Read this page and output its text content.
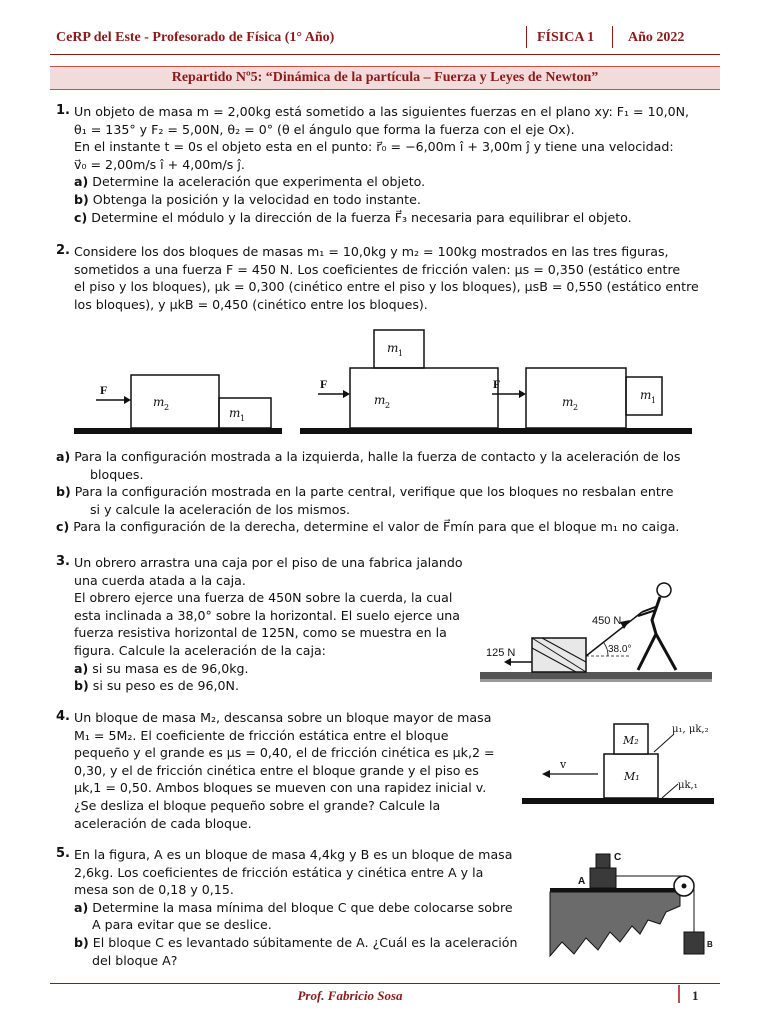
CeRP del Este - Profesorado de Física (1° Año)	FÍSICA 1 Año 2022
Repartido Nº5: “Dinámica de la partícula – Fuerza y Leyes de Newton”
1. Un objeto de masa m = 2,00kg está sometido a las siguientes fuerzas en el plano xy: F₁ = 10,0N,
θ₁ = 135° y F₂ = 5,00N, θ₂ = 0° (θ el ángulo que forma la fuerza con el eje Ox).
En el instante t = 0s el objeto esta en el punto: r⃗₀ = −6,00m î + 3,00m ĵ y tiene una velocidad:
v⃗₀ = 2,00m/s î + 4,00m/s ĵ.
a) Determine la aceleración que experimenta el objeto.
b) Obtenga la posición y la velocidad en todo instante.
c) Determine el módulo y la dirección de la fuerza F⃗₃ necesaria para equilibrar el objeto.
2. Considere los dos bloques de masas m₁ = 10,0kg y m₂ = 100kg mostrados en las tres figuras,
sometidos a una fuerza F = 450 N. Los coeficientes de fricción valen: μs = 0,350 (estático entre
el piso y los bloques), μk = 0,300 (cinético entre el piso y los bloques), μsB = 0,550 (estático entre
los bloques), y μkB = 0,450 (cinético entre los bloques).
F
m 2	m 1
F
m 2
m 1
F
m 2
m 1
a) Para la configuración mostrada a la izquierda, halle la fuerza de contacto y la aceleración de los
bloques.
b) Para la configuración mostrada en la parte central, verifique que los bloques no resbalan entre
si y calcule la aceleración de los mismos.
c) Para la configuración de la derecha, determine el valor de F⃗mín para que el bloque m₁ no caiga.
3. Un obrero arrastra una caja por el piso de una fabrica jalando
una cuerda atada a la caja.
El obrero ejerce una fuerza de 450N sobre la cuerda, la cual
esta inclinada a 38,0° sobre la horizontal. El suelo ejerce una
fuerza resistiva horizontal de 125N, como se muestra en la
figura. Calcule la aceleración de la caja:
a) si su masa es de 96,0kg.
b) si su peso es de 96,0N.
125 N	38.0°
450 N
4. Un bloque de masa M₂, descansa sobre un bloque mayor de masa
M₁ = 5M₂. El coeficiente de fricción estática entre el bloque
pequeño y el grande es μs = 0,40, el de fricción cinética es μk,2 =
0,30, y el de fricción cinética entre el bloque grande y el piso es
μk,1 = 0,50. Ambos bloques se mueven con una rapidez inicial v.
¿Se desliza el bloque pequeño sobre el grande? Calcule la
aceleración de cada bloque.
M₂
M₁
v
μ₁, μk,₂
μk,₁
5. En la figura, A es un bloque de masa 4,4kg y B es un bloque de masa
2,6kg. Los coeficientes de fricción estática y cinética entre A y la
mesa son de 0,18 y 0,15.
a) Determine la masa mínima del bloque C que debe colocarse sobre
A para evitar que se deslice.
b) El bloque C es levantado súbitamente de A. ¿Cuál es la aceleración
del bloque A?
A
C
B
Prof. Fabricio Sosa	1
